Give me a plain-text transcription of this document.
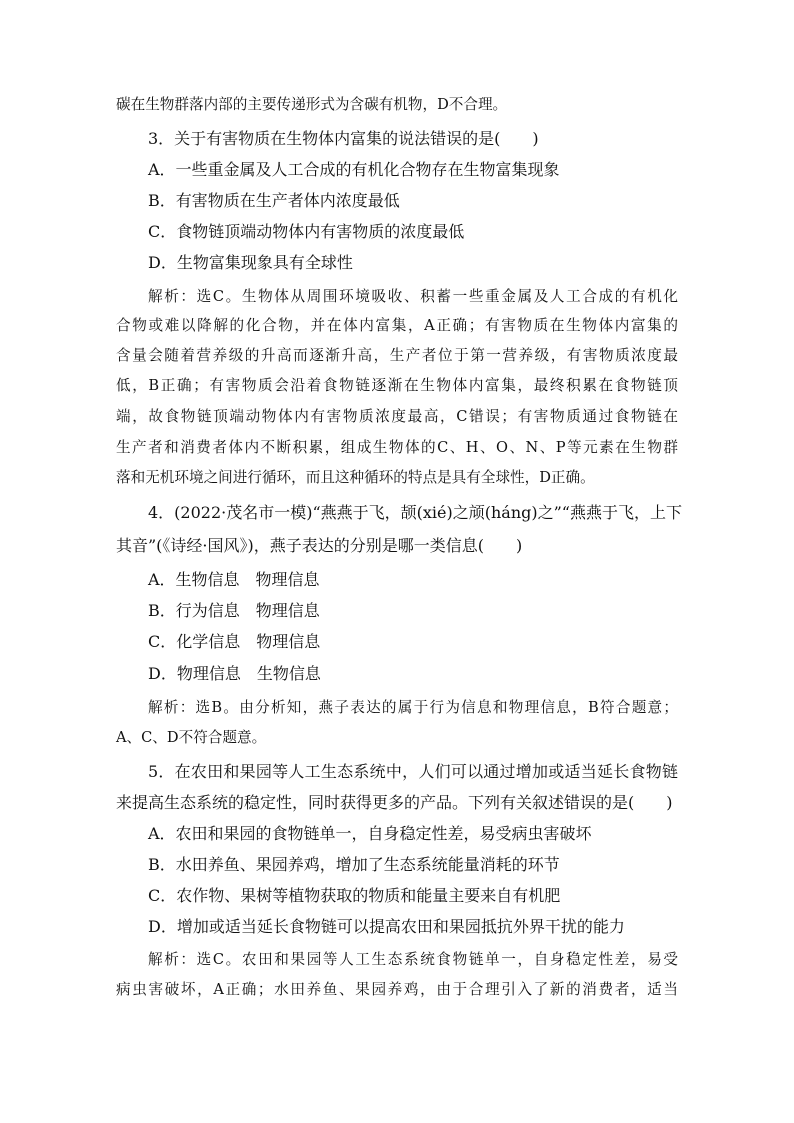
碳在生物群落内部的主要传递形式为含碳有机物，D不合理。
3．关于有害物质在生物体内富集的说法错误的是(　　)
A．一些重金属及人工合成的有机化合物存在生物富集现象
B．有害物质在生产者体内浓度最低
C．食物链顶端动物体内有害物质的浓度最低
D．生物富集现象具有全球性
解析：选C。生物体从周围环境吸收、积蓄一些重金属及人工合成的有机化
合物或难以降解的化合物，并在体内富集，A正确；有害物质在生物体内富集的
含量会随着营养级的升高而逐渐升高，生产者位于第一营养级，有害物质浓度最
低，B正确；有害物质会沿着食物链逐渐在生物体内富集，最终积累在食物链顶
端，故食物链顶端动物体内有害物质浓度最高，C错误；有害物质通过食物链在
生产者和消费者体内不断积累，组成生物体的C、H、O、N、P等元素在生物群
落和无机环境之间进行循环，而且这种循环的特点是具有全球性，D正确。
4．(2022·茂名市一模)“燕燕于飞，颉(xié)之颃(háng)之”“燕燕于飞，上下
其音”(《诗经·国风》)，燕子表达的分别是哪一类信息(　　)
A．生物信息　物理信息
B．行为信息　物理信息
C．化学信息　物理信息
D．物理信息　生物信息
解析：选B。由分析知，燕子表达的属于行为信息和物理信息，B符合题意；
A、C、D不符合题意。
5．在农田和果园等人工生态系统中，人们可以通过增加或适当延长食物链
来提高生态系统的稳定性，同时获得更多的产品。下列有关叙述错误的是(　　)
A．农田和果园的食物链单一，自身稳定性差，易受病虫害破坏
B．水田养鱼、果园养鸡，增加了生态系统能量消耗的环节
C．农作物、果树等植物获取的物质和能量主要来自有机肥
D．增加或适当延长食物链可以提高农田和果园抵抗外界干扰的能力
解析：选C。农田和果园等人工生态系统食物链单一，自身稳定性差，易受
病虫害破坏，A正确；水田养鱼、果园养鸡，由于合理引入了新的消费者，适当
